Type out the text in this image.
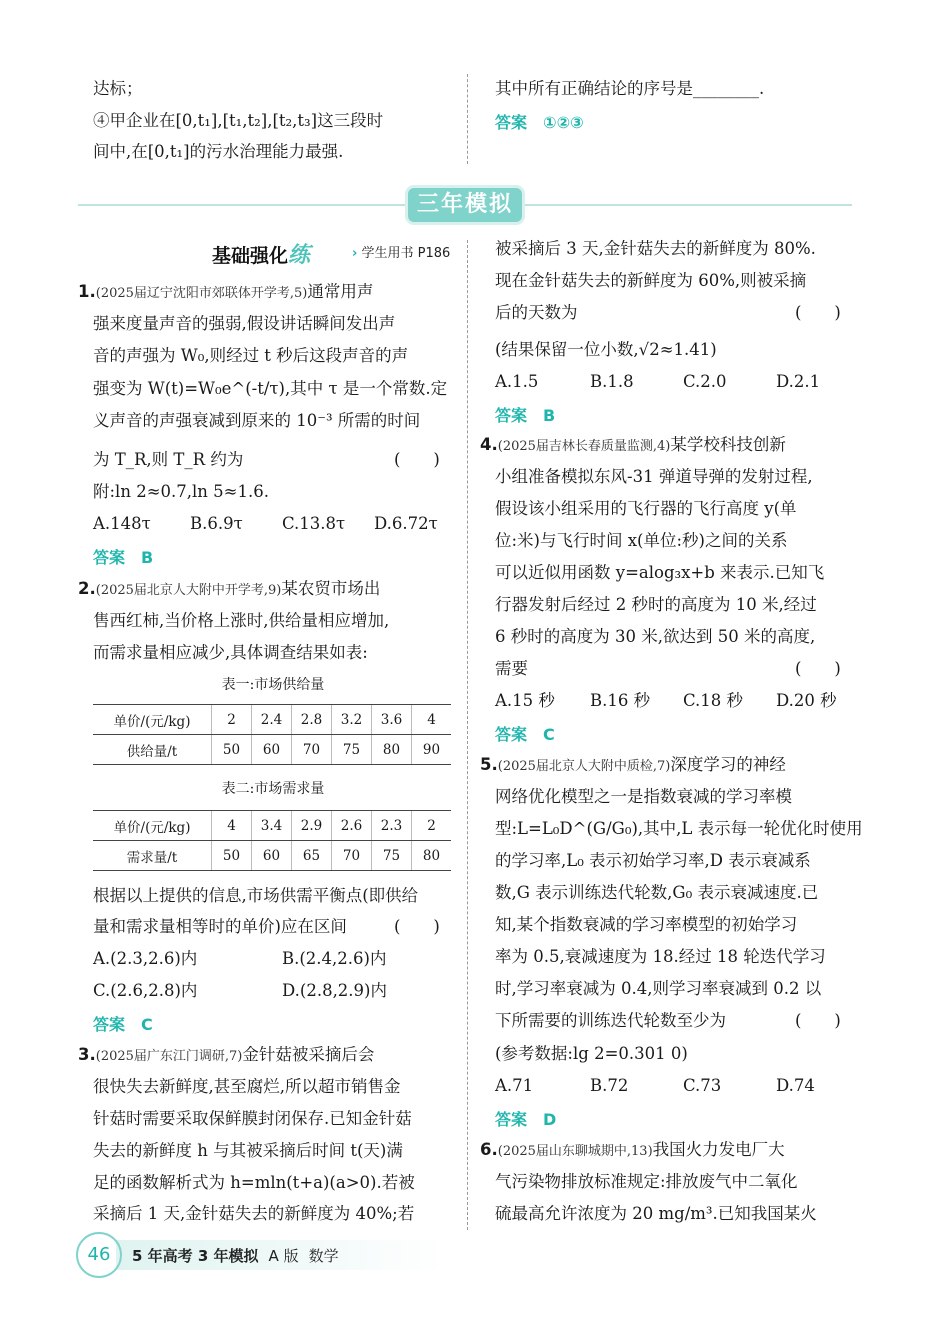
达标；
④甲企业在[0,t₁],[t₁,t₂],[t₂,t₃]这三段时
间中,在[0,t₁]的污水治理能力最强.
其中所有正确结论的序号是________.
答案 ①②③
三年模拟
基础强化练	› 学生用书 P186
1.(2025届辽宁沈阳市郊联体开学考,5)通常用声
强来度量声音的强弱,假设讲话瞬间发出声
音的声强为 W₀,则经过 t 秒后这段声音的声
强变为 W(t)=W₀e^(-t/τ),其中 τ 是一个常数.定
义声音的声强衰减到原来的 10⁻³ 所需的时间
为 T_R,则 T_R 约为	(　　)
附:ln 2≈0.7,ln 5≈1.6.
A.148τ B.6.9τ C.13.8τ D.6.72τ
答案 B
2.(2025届北京人大附中开学考,9)某农贸市场出
售西红柿,当价格上涨时,供给量相应增加,
而需求量相应减少,具体调查结果如表:
表一:市场供给量
单价/(元/kg)	2	2.4	2.8	3.2	3.6	4
供给量/t	50	60	70	75	80	90
表二:市场需求量
单价/(元/kg)	4	3.4	2.9	2.6	2.3	2
需求量/t	50	60	65	70	75	80
根据以上提供的信息,市场供需平衡点(即供给
量和需求量相等时的单价)应在区间	(　　)
A.(2.3,2.6)内	B.(2.4,2.6)内
C.(2.6,2.8)内	D.(2.8,2.9)内
答案 C
3.(2025届广东江门调研,7)金针菇被采摘后会
很快失去新鲜度,甚至腐烂,所以超市销售金
针菇时需要采取保鲜膜封闭保存.已知金针菇
失去的新鲜度 h 与其被采摘后时间 t(天)满
足的函数解析式为 h=mln(t+a)(a>0).若被
采摘后 1 天,金针菇失去的新鲜度为 40%;若
被采摘后 3 天,金针菇失去的新鲜度为 80%.
现在金针菇失去的新鲜度为 60%,则被采摘
后的天数为	(　　)
(结果保留一位小数,√2≈1.41)
A.1.5	B.1.8	C.2.0	D.2.1
答案 B
4.(2025届吉林长春质量监测,4)某学校科技创新
小组准备模拟东风-31 弹道导弹的发射过程,
假设该小组采用的飞行器的飞行高度 y(单
位:米)与飞行时间 x(单位:秒)之间的关系
可以近似用函数 y=alog₃x+b 来表示.已知飞
行器发射后经过 2 秒时的高度为 10 米,经过
6 秒时的高度为 30 米,欲达到 50 米的高度,
需要	(　　)
A.15 秒 B.16 秒 C.18 秒 D.20 秒
答案 C
5.(2025届北京人大附中质检,7)深度学习的神经
网络优化模型之一是指数衰减的学习率模
型:L=L₀D^(G/G₀),其中,L 表示每一轮优化时使用
的学习率,L₀ 表示初始学习率,D 表示衰减系
数,G 表示训练迭代轮数,G₀ 表示衰减速度.已
知,某个指数衰减的学习率模型的初始学习
率为 0.5,衰减速度为 18.经过 18 轮迭代学习
时,学习率衰减为 0.4,则学习率衰减到 0.2 以
下所需要的训练迭代轮数至少为	(　　)
(参考数据:lg 2=0.301 0)
A.71	B.72	C.73	D.74
答案 D
6.(2025届山东聊城期中,13)我国火力发电厂大
气污染物排放标准规定:排放废气中二氧化
硫最高允许浓度为 20 mg/m³.已知我国某火
46	5 年高考 3 年模拟 A 版 数学
